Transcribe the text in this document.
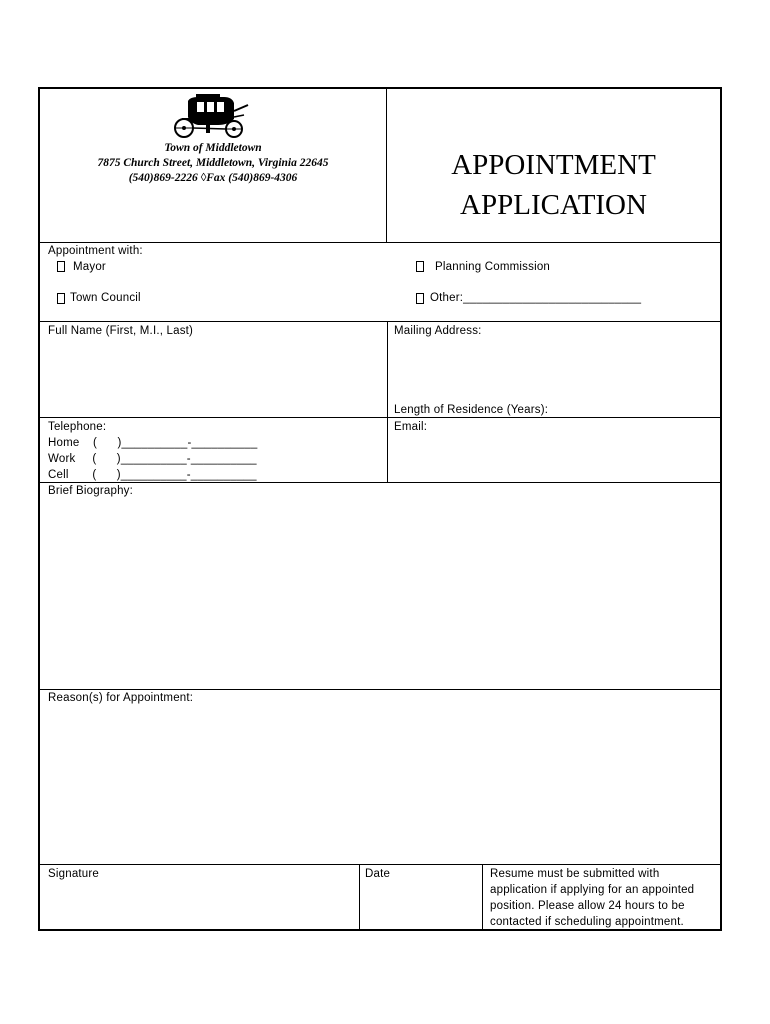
Town of Middletown
7875 Church Street, Middletown, Virginia 22645
(540)869-2226 ◊Fax (540)869-4306	APPOINTMENT
APPLICATION
Appointment with:
Mayor	Planning Commission
Town Council	Other:___________________________
Full Name (First, M.I., Last)	Mailing Address:
Length of Residence (Years):
Telephone:
Home    (      )__________-__________
Work     (      )__________-__________
Cell       (      )__________-__________
Email:
Brief Biography:
Reason(s) for Appointment:
Signature	Date	Resume must be submitted with application if applying for an appointed position. Please allow 24 hours to be contacted if scheduling appointment.
